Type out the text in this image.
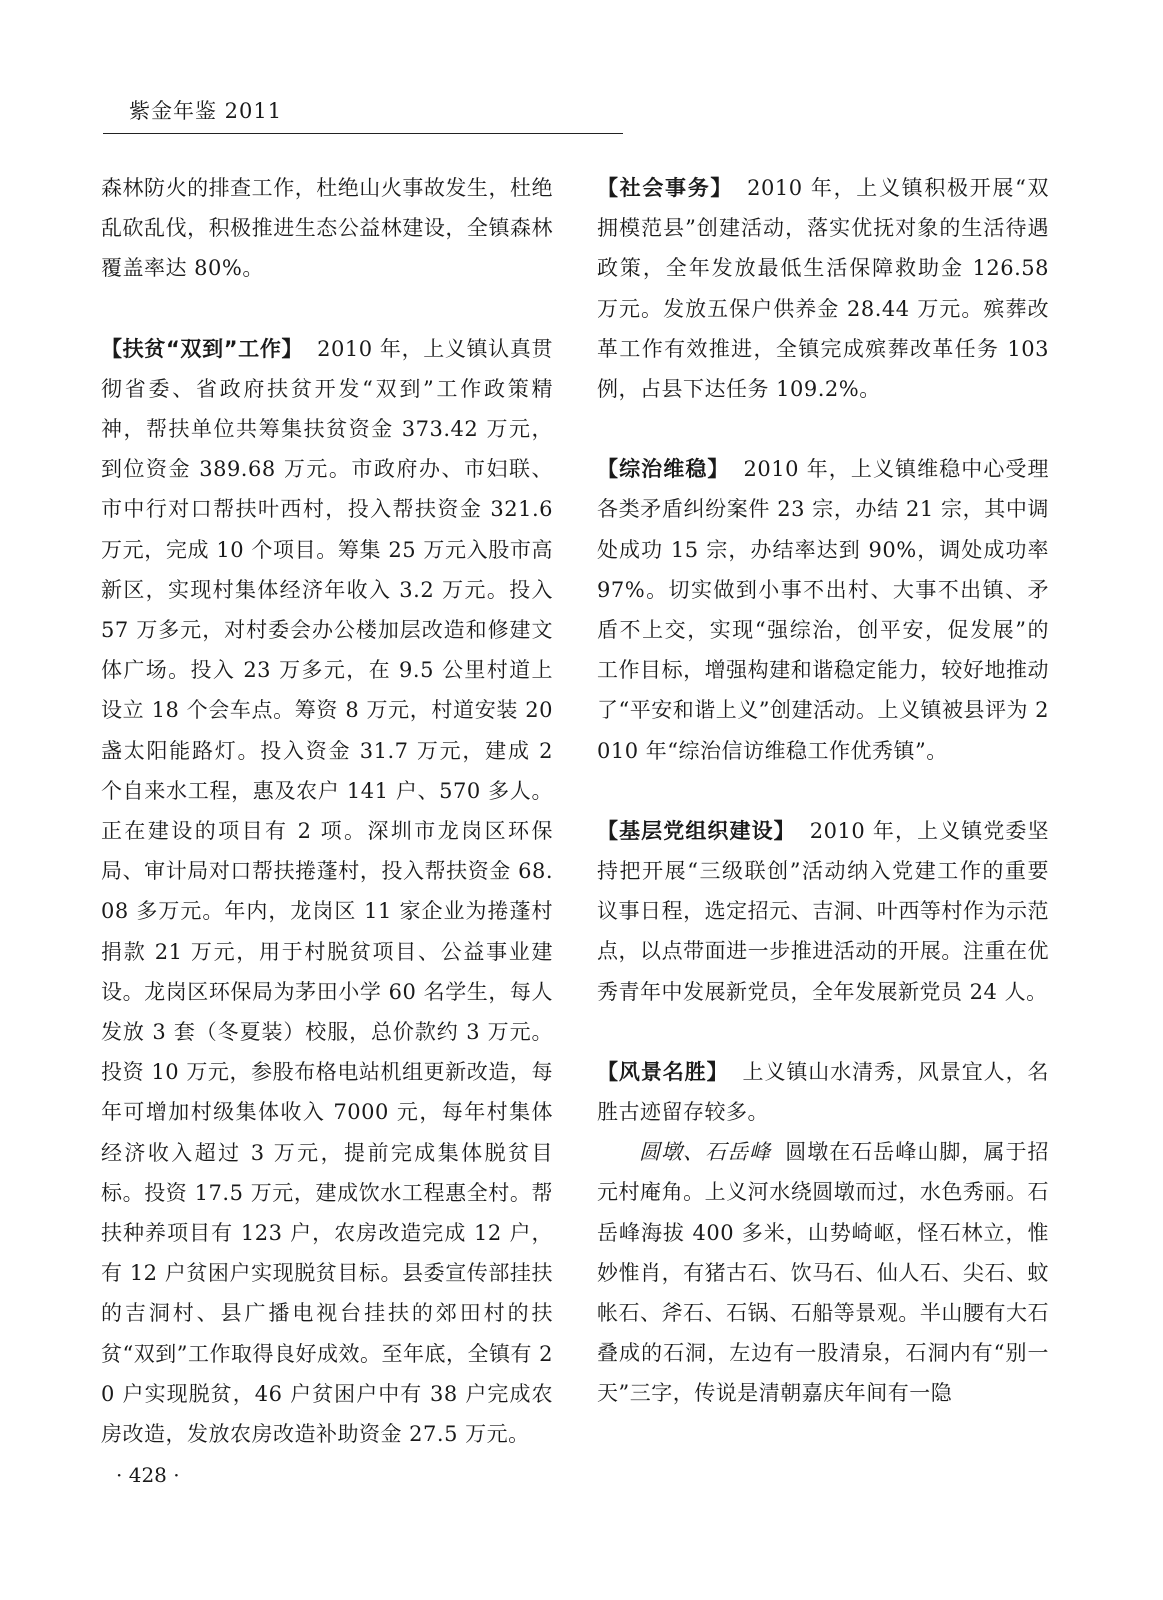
紫金年鉴 2011

森林防火的排查工作，杜绝山火事故发生，杜绝乱砍乱伐，积极推进生态公益林建设，全镇森林覆盖率达 80%。

【扶贫“双到”工作】 2010 年，上义镇认真贯彻省委、省政府扶贫开发“双到”工作政策精神，帮扶单位共筹集扶贫资金 373.42 万元，到位资金 389.68 万元。市政府办、市妇联、市中行对口帮扶叶西村，投入帮扶资金 321.6 万元，完成 10 个项目。筹集 25 万元入股市高新区，实现村集体经济年收入 3.2 万元。投入 57 万多元，对村委会办公楼加层改造和修建文体广场。投入 23 万多元，在 9.5 公里村道上设立 18 个会车点。筹资 8 万元，村道安装 20 盏太阳能路灯。投入资金 31.7 万元，建成 2 个自来水工程，惠及农户 141 户、570 多人。正在建设的项目有 2 项。深圳市龙岗区环保局、审计局对口帮扶捲蓬村，投入帮扶资金 68.08 多万元。年内，龙岗区 11 家企业为捲蓬村捐款 21 万元，用于村脱贫项目、公益事业建设。龙岗区环保局为茅田小学 60 名学生，每人发放 3 套（冬夏装）校服，总价款约 3 万元。投资 10 万元，参股布格电站机组更新改造，每年可增加村级集体收入 7000 元，每年村集体经济收入超过 3 万元，提前完成集体脱贫目标。投资 17.5 万元，建成饮水工程惠全村。帮扶种养项目有 123 户，农房改造完成 12 户，有 12 户贫困户实现脱贫目标。县委宣传部挂扶的吉洞村、县广播电视台挂扶的郊田村的扶贫“双到”工作取得良好成效。至年底，全镇有 20 户实现脱贫，46 户贫困户中有 38 户完成农房改造，发放农房改造补助资金 27.5 万元。

【社会事务】 2010 年，上义镇积极开展“双拥模范县”创建活动，落实优抚对象的生活待遇政策，全年发放最低生活保障救助金 126.58 万元。发放五保户供养金 28.44 万元。殡葬改革工作有效推进，全镇完成殡葬改革任务 103 例，占县下达任务 109.2%。

【综治维稳】 2010 年，上义镇维稳中心受理各类矛盾纠纷案件 23 宗，办结 21 宗，其中调处成功 15 宗，办结率达到 90%，调处成功率 97%。切实做到小事不出村、大事不出镇、矛盾不上交，实现“强综治，创平安，促发展”的工作目标，增强构建和谐稳定能力，较好地推动了“平安和谐上义”创建活动。上义镇被县评为 2010 年“综治信访维稳工作优秀镇”。

【基层党组织建设】 2010 年，上义镇党委坚持把开展“三级联创”活动纳入党建工作的重要议事日程，选定招元、吉洞、叶西等村作为示范点，以点带面进一步推进活动的开展。注重在优秀青年中发展新党员，全年发展新党员 24 人。

【风景名胜】 上义镇山水清秀，风景宜人，名胜古迹留存较多。

圆墩、石岳峰 圆墩在石岳峰山脚，属于招元村庵角。上义河水绕圆墩而过，水色秀丽。石岳峰海拔 400 多米，山势崎岖，怪石林立，惟妙惟肖，有猪古石、饮马石、仙人石、尖石、蚊帐石、斧石、石锅、石船等景观。半山腰有大石叠成的石洞，左边有一股清泉，石洞内有“别一天”三字，传说是清朝嘉庆年间有一隐

· 428 ·
